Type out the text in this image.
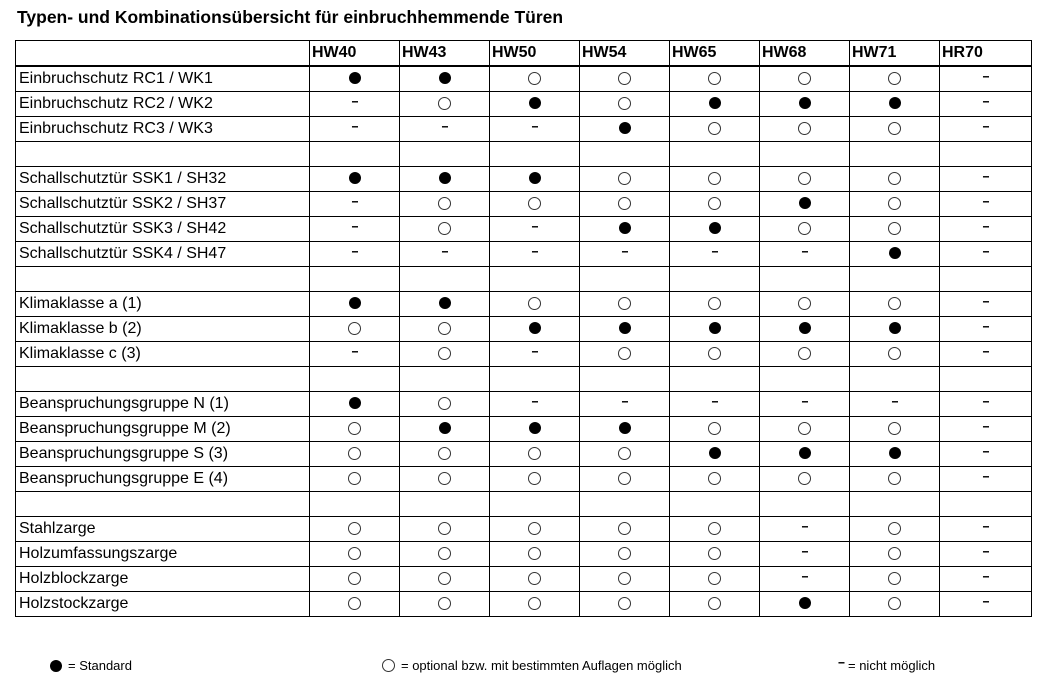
Typen- und Kombinationsübersicht für einbruchhemmende Türen
	HW40	HW43	HW50	HW54	HW65	HW68	HW71	HR70
Einbruchschutz RC1 / WK1								--
Einbruchschutz RC2 / WK2	--							--
Einbruchschutz RC3 / WK3	--	--	--					--

Schallschutztür SSK1 / SH32								--
Schallschutztür SSK2 / SH37	--							--
Schallschutztür SSK3 / SH42	--		--					--
Schallschutztür SSK4 / SH47	--	--	--	--	--	--		--

Klimaklasse a (1)								--
Klimaklasse b (2)								--
Klimaklasse c (3)	--		--					--

Beanspruchungsgruppe N (1)			--	--	--	--	--	--
Beanspruchungsgruppe M (2)								--
Beanspruchungsgruppe S (3)								--
Beanspruchungsgruppe E (4)								--

Stahlzarge						--		--
Holzumfassungszarge						--		--
Holzblockzarge						--		--
Holzstockzarge								--
= Standard	= optional bzw. mit bestimmten Auflagen möglich	-- = nicht möglich
